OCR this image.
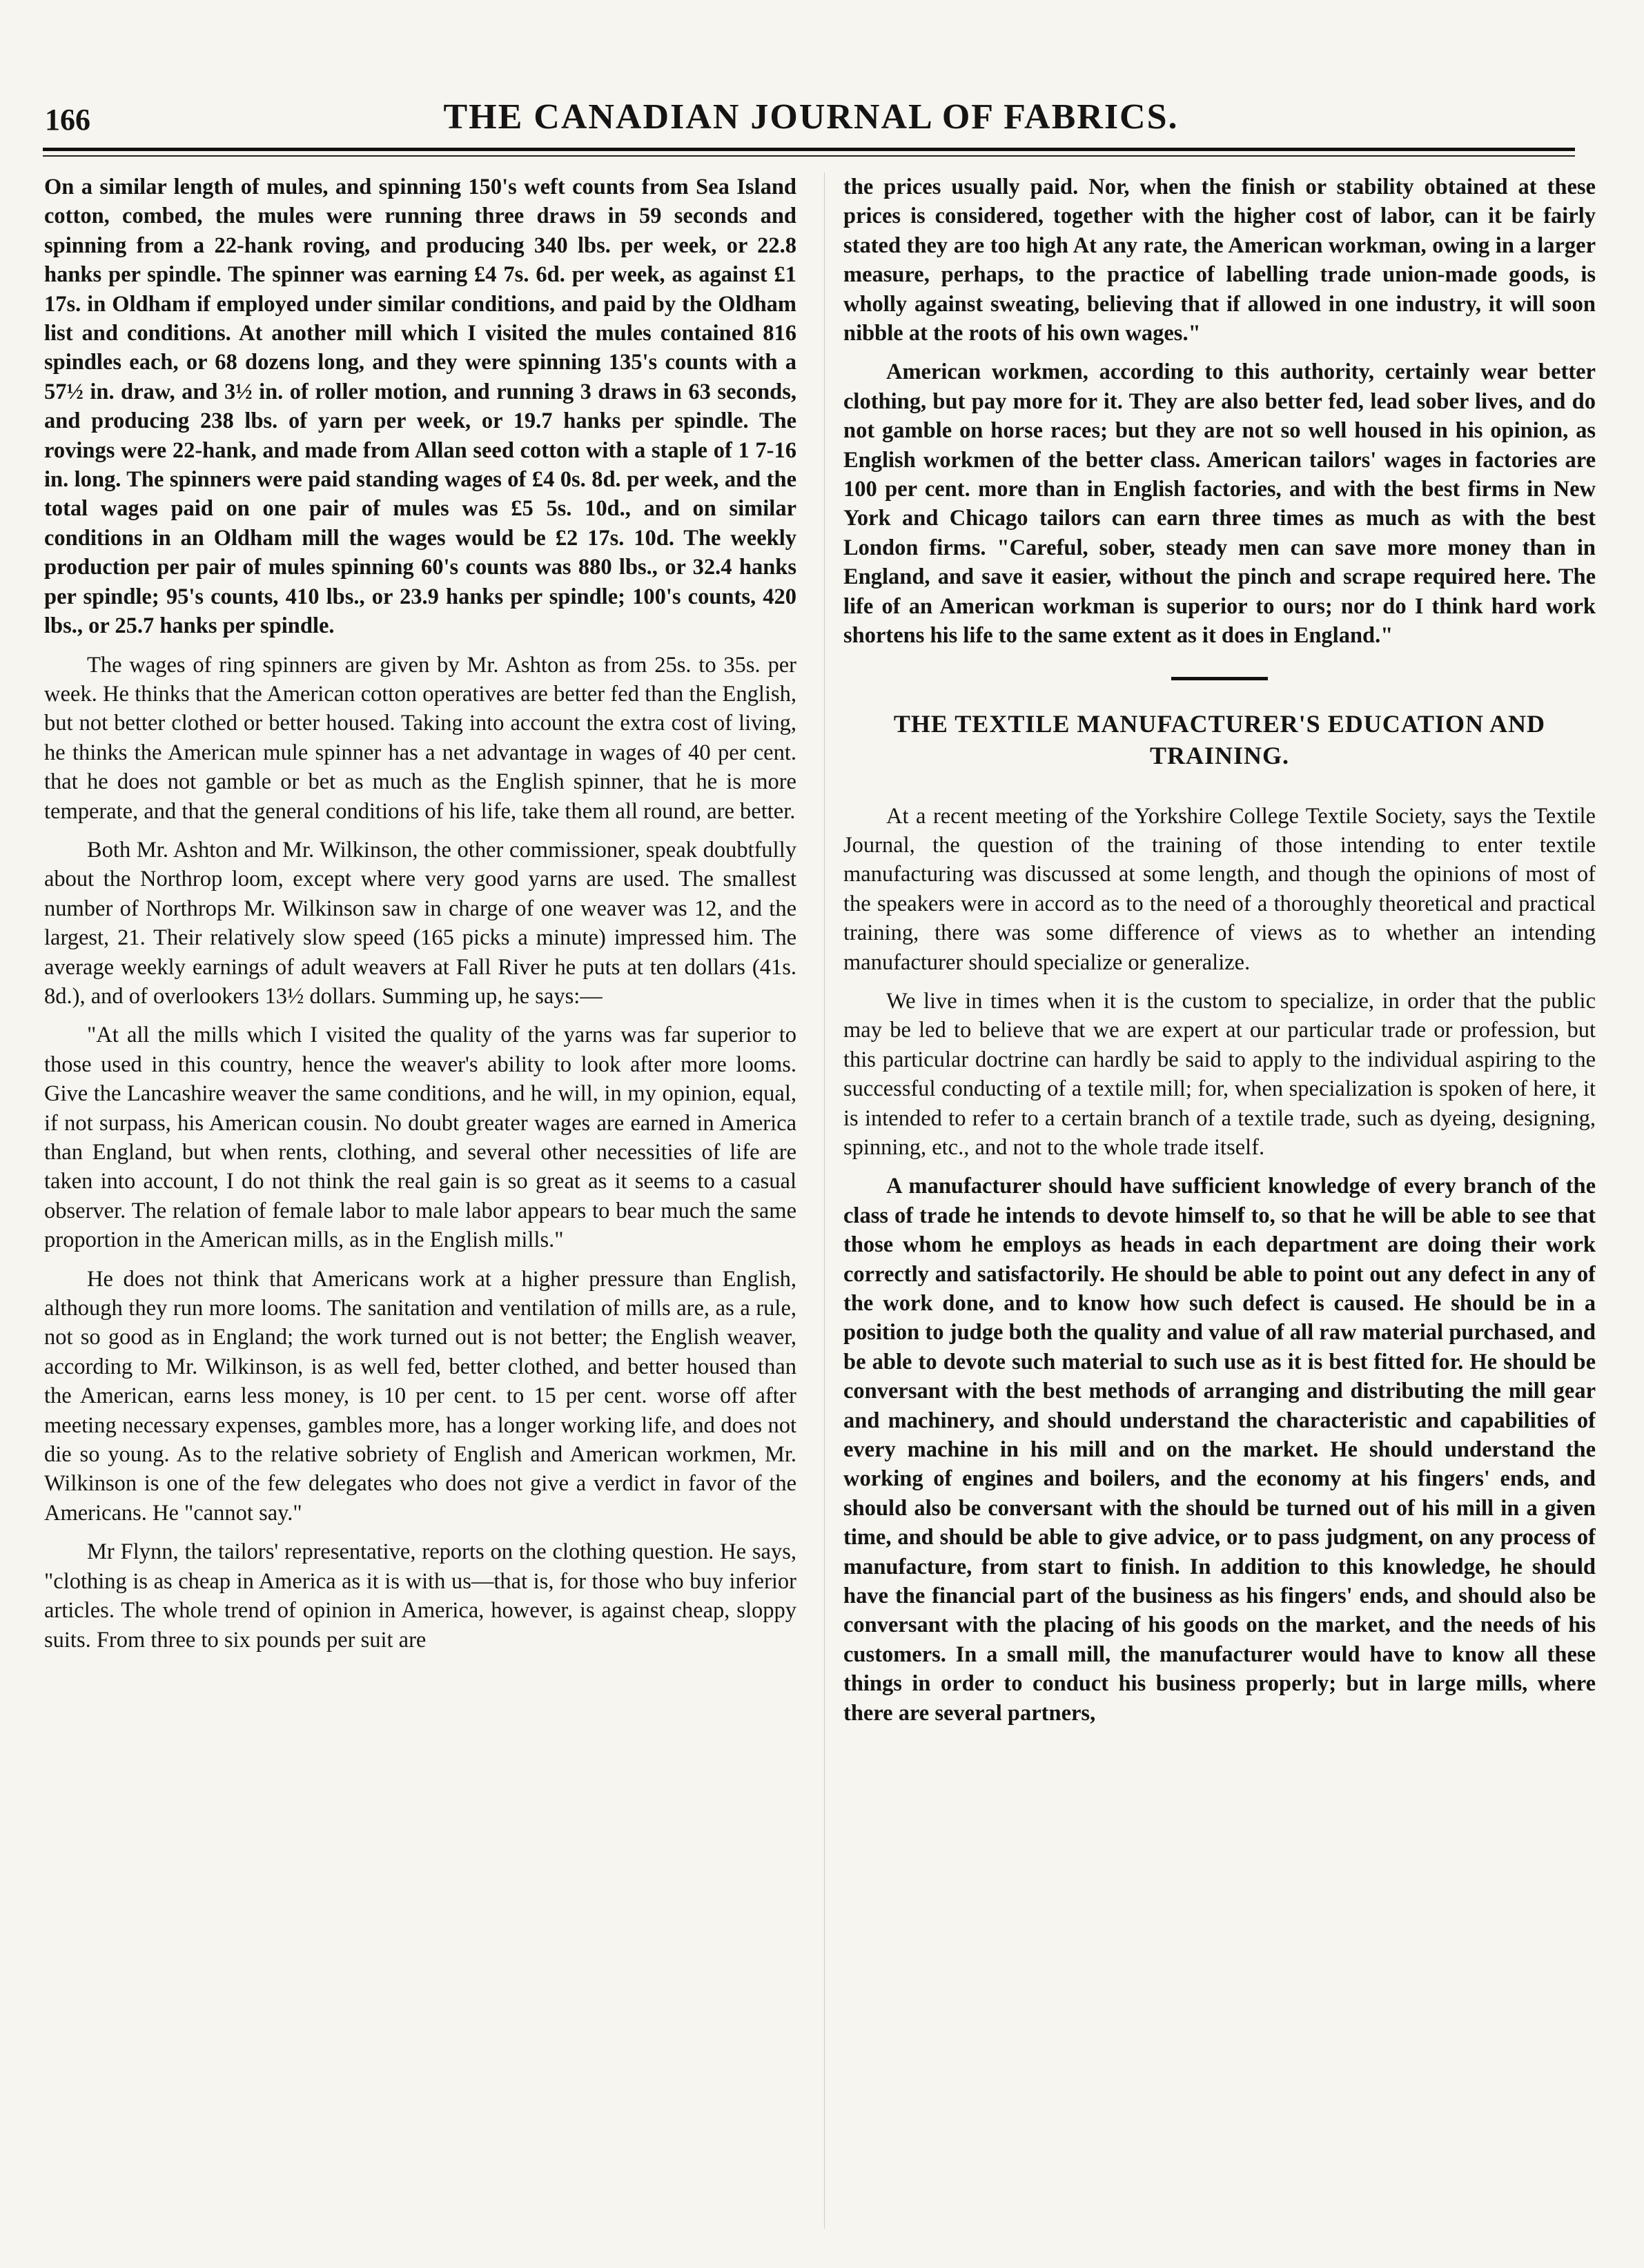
166	THE CANADIAN JOURNAL OF FABRICS.

On a similar length of mules, and spinning 150's weft counts from Sea Island cotton, combed, the mules were running three draws in 59 seconds and spinning from a 22-hank roving, and producing 340 lbs. per week, or 22.8 hanks per spindle. The spinner was earning £4 7s. 6d. per week, as against £1 17s. in Oldham if employed under similar conditions, and paid by the Oldham list and conditions. At another mill which I visited the mules contained 816 spindles each, or 68 dozens long, and they were spinning 135's counts with a 57½ in. draw, and 3½ in. of roller motion, and running 3 draws in 63 seconds, and producing 238 lbs. of yarn per week, or 19.7 hanks per spindle. The rovings were 22-hank, and made from Allan seed cotton with a staple of 1 7-16 in. long. The spinners were paid standing wages of £4 0s. 8d. per week, and the total wages paid on one pair of mules was £5 5s. 10d., and on similar conditions in an Oldham mill the wages would be £2 17s. 10d. The weekly production per pair of mules spinning 60's counts was 880 lbs., or 32.4 hanks per spindle; 95's counts, 410 lbs., or 23.9 hanks per spindle; 100's counts, 420 lbs., or 25.7 hanks per spindle.

The wages of ring spinners are given by Mr. Ashton as from 25s. to 35s. per week. He thinks that the American cotton operatives are better fed than the English, but not better clothed or better housed. Taking into account the extra cost of living, he thinks the American mule spinner has a net advantage in wages of 40 per cent. that he does not gamble or bet as much as the English spinner, that he is more temperate, and that the general conditions of his life, take them all round, are better.

Both Mr. Ashton and Mr. Wilkinson, the other commissioner, speak doubtfully about the Northrop loom, except where very good yarns are used. The smallest number of Northrops Mr. Wilkinson saw in charge of one weaver was 12, and the largest, 21. Their relatively slow speed (165 picks a minute) impressed him. The average weekly earnings of adult weavers at Fall River he puts at ten dollars (41s. 8d.), and of overlookers 13½ dollars. Summing up, he says:—

"At all the mills which I visited the quality of the yarns was far superior to those used in this country, hence the weaver's ability to look after more looms. Give the Lancashire weaver the same conditions, and he will, in my opinion, equal, if not surpass, his American cousin. No doubt greater wages are earned in America than England, but when rents, clothing, and several other necessities of life are taken into account, I do not think the real gain is so great as it seems to a casual observer. The relation of female labor to male labor appears to bear much the same proportion in the American mills, as in the English mills."

He does not think that Americans work at a higher pressure than English, although they run more looms. The sanitation and ventilation of mills are, as a rule, not so good as in England; the work turned out is not better; the English weaver, according to Mr. Wilkinson, is as well fed, better clothed, and better housed than the American, earns less money, is 10 per cent. to 15 per cent. worse off after meeting necessary expenses, gambles more, has a longer working life, and does not die so young. As to the relative sobriety of English and American workmen, Mr. Wilkinson is one of the few delegates who does not give a verdict in favor of the Americans. He "cannot say."

Mr Flynn, the tailors' representative, reports on the clothing question. He says, "clothing is as cheap in America as it is with us—that is, for those who buy inferior articles. The whole trend of opinion in America, however, is against cheap, sloppy suits. From three to six pounds per suit are

the prices usually paid. Nor, when the finish or stability obtained at these prices is considered, together with the higher cost of labor, can it be fairly stated they are too high At any rate, the American workman, owing in a larger measure, perhaps, to the practice of labelling trade union-made goods, is wholly against sweating, believing that if allowed in one industry, it will soon nibble at the roots of his own wages."

American workmen, according to this authority, certainly wear better clothing, but pay more for it. They are also better fed, lead sober lives, and do not gamble on horse races; but they are not so well housed in his opinion, as English workmen of the better class. American tailors' wages in factories are 100 per cent. more than in English factories, and with the best firms in New York and Chicago tailors can earn three times as much as with the best London firms. "Careful, sober, steady men can save more money than in England, and save it easier, without the pinch and scrape required here. The life of an American workman is superior to ours; nor do I think hard work shortens his life to the same extent as it does in England."

THE TEXTILE MANUFACTURER'S EDUCATION AND TRAINING.

At a recent meeting of the Yorkshire College Textile Society, says the Textile Journal, the question of the training of those intending to enter textile manufacturing was discussed at some length, and though the opinions of most of the speakers were in accord as to the need of a thoroughly theoretical and practical training, there was some difference of views as to whether an intending manufacturer should specialize or generalize.

We live in times when it is the custom to specialize, in order that the public may be led to believe that we are expert at our particular trade or profession, but this particular doctrine can hardly be said to apply to the individual aspiring to the successful conducting of a textile mill; for, when specialization is spoken of here, it is intended to refer to a certain branch of a textile trade, such as dyeing, designing, spinning, etc., and not to the whole trade itself.

A manufacturer should have sufficient knowledge of every branch of the class of trade he intends to devote himself to, so that he will be able to see that those whom he employs as heads in each department are doing their work correctly and satisfactorily. He should be able to point out any defect in any of the work done, and to know how such defect is caused. He should be in a position to judge both the quality and value of all raw material purchased, and be able to devote such material to such use as it is best fitted for. He should be conversant with the best methods of arranging and distributing the mill gear and machinery, and should understand the characteristic and capabilities of every machine in his mill and on the market. He should understand the working of engines and boilers, and the economy at his fingers' ends, and should also be conversant with the should be turned out of his mill in a given time, and should be able to give advice, or to pass judgment, on any process of manufacture, from start to finish. In addition to this knowledge, he should have the financial part of the business as his fingers' ends, and should also be conversant with the placing of his goods on the market, and the needs of his customers. In a small mill, the manufacturer would have to know all these things in order to conduct his business properly; but in large mills, where there are several partners,
